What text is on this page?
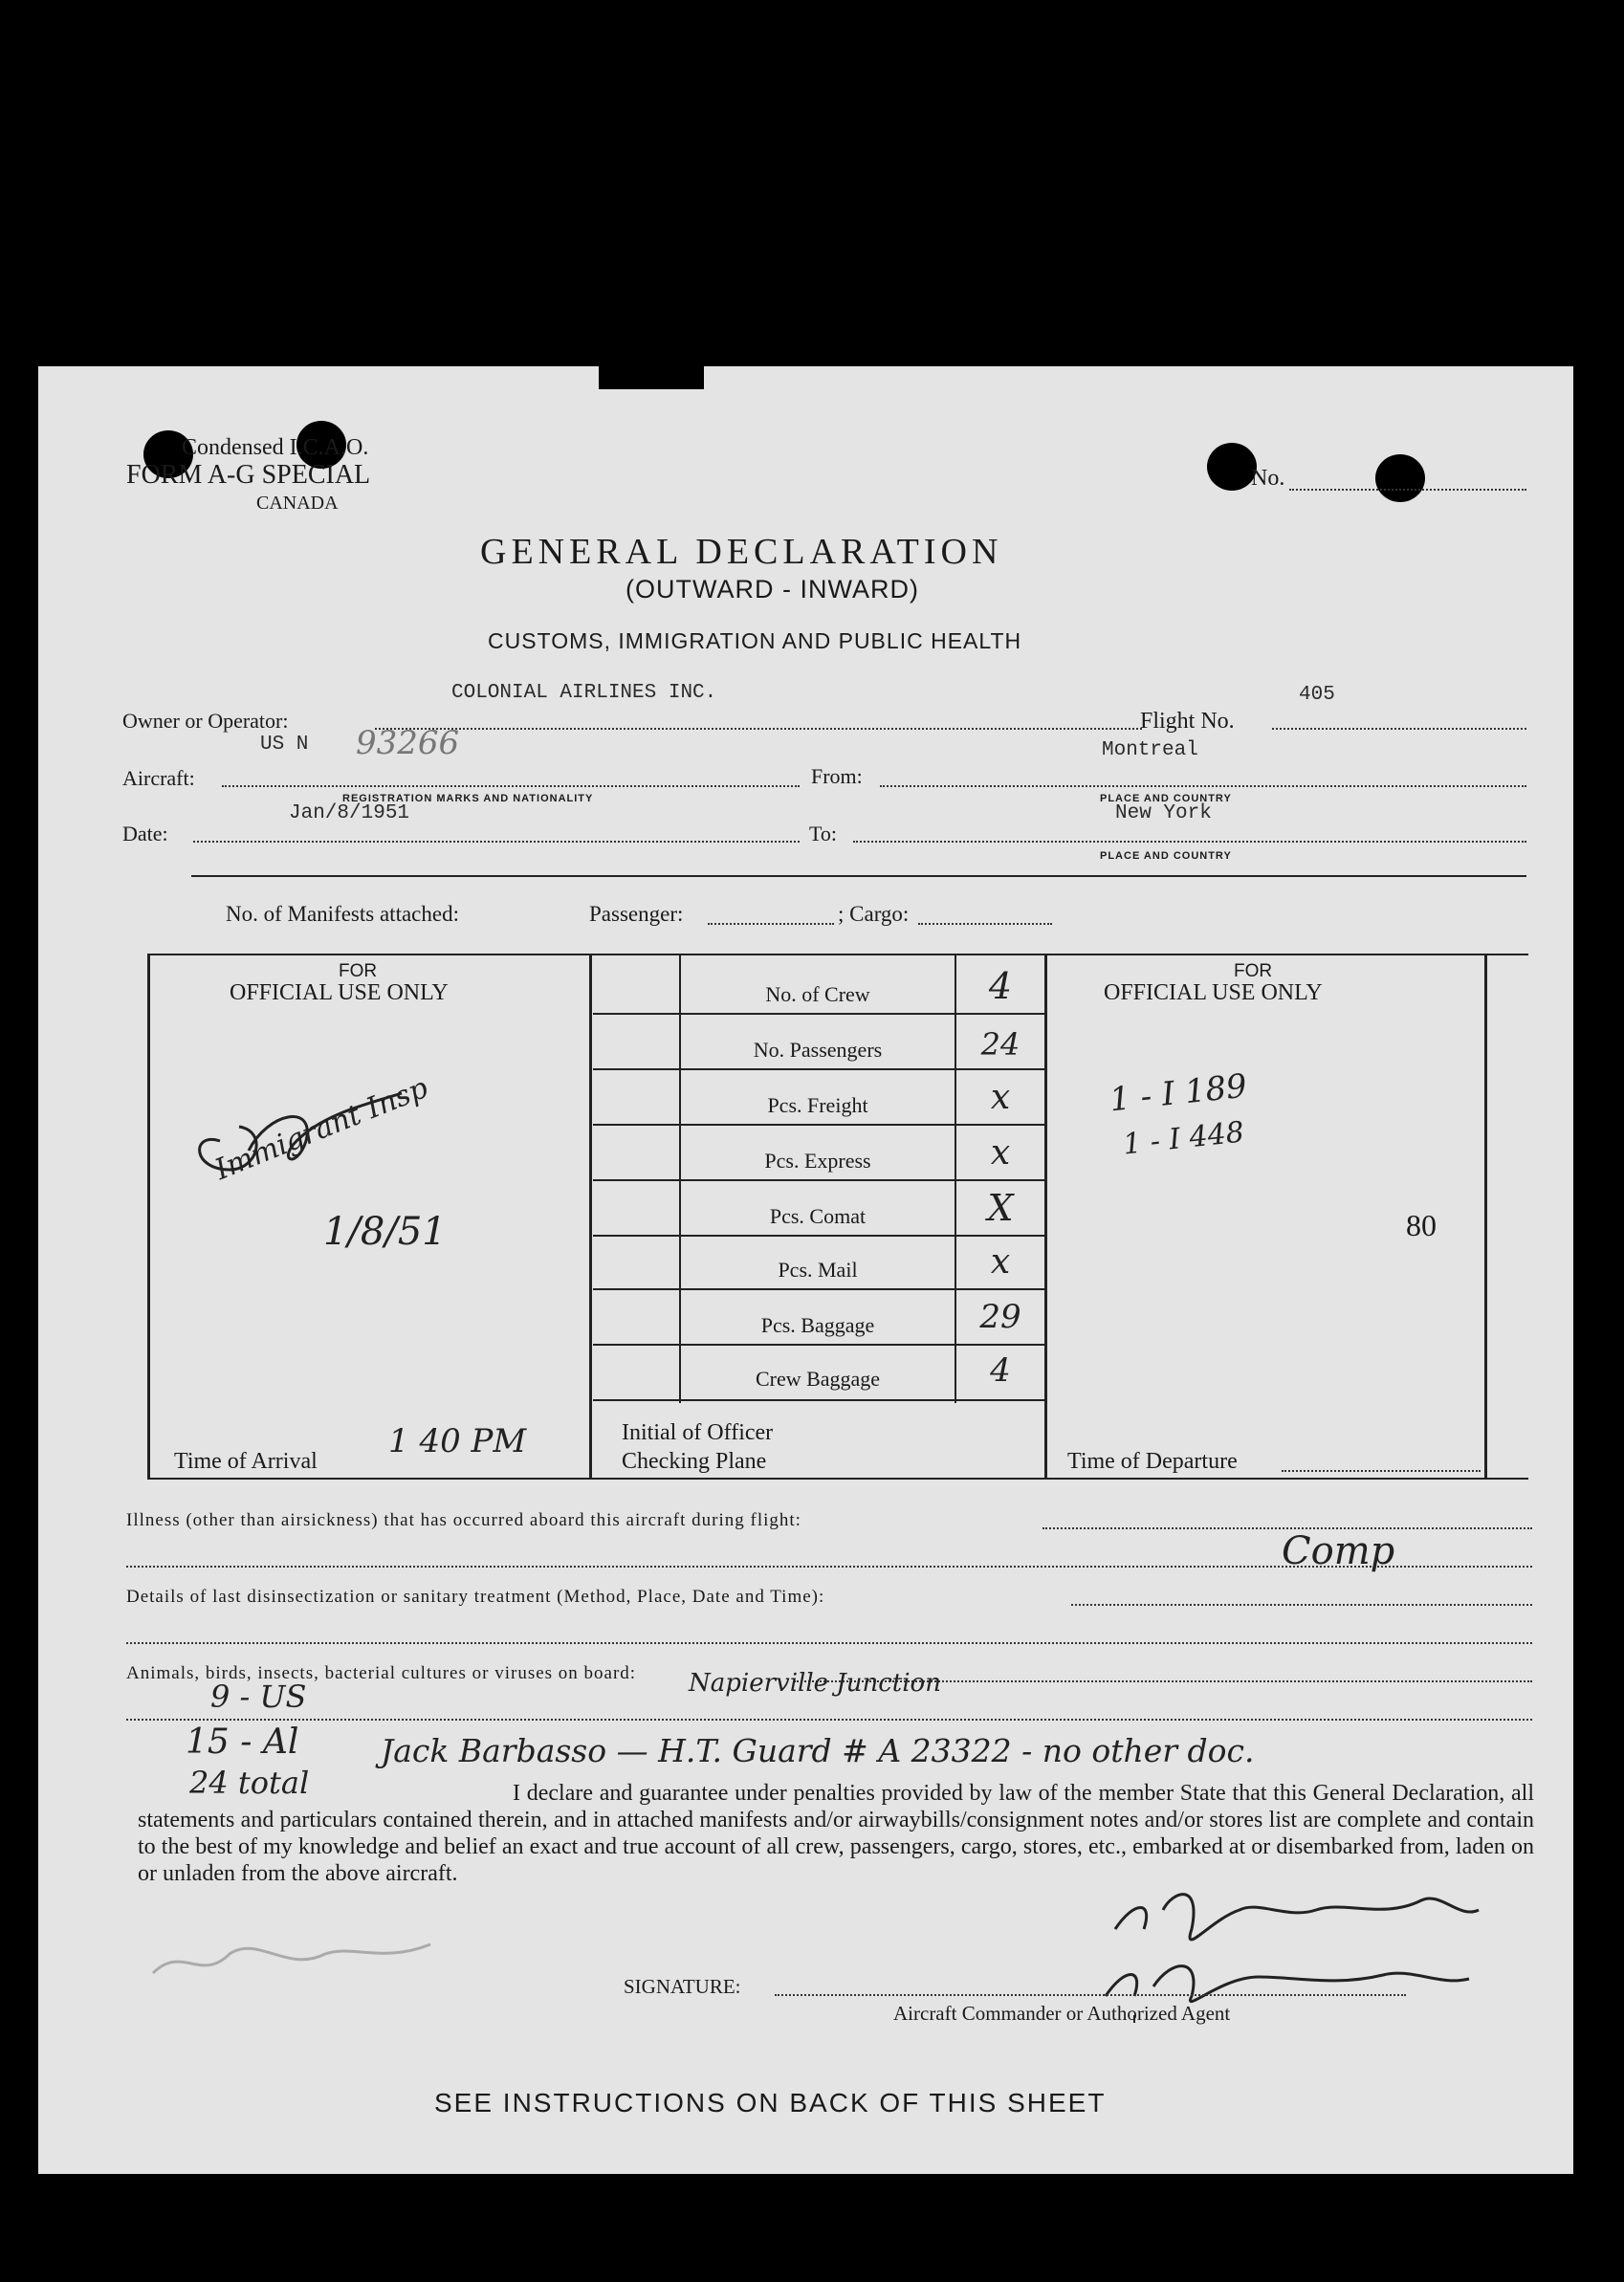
Condensed I.C.A.O.
FORM A-G SPECIAL
CANADA
No.
GENERAL DECLARATION
(OUTWARD - INWARD)
CUSTOMS, IMMIGRATION AND PUBLIC HEALTH
COLONIAL AIRLINES INC.	405
Owner or Operator:	Flight No.
US N 93266	Montreal
Aircraft:	From:
REGISTRATION MARKS AND NATIONALITY	PLACE AND COUNTRY
Jan/8/1951	New York
Date:	To:
PLACE AND COUNTRY
No. of Manifests attached:	Passenger:	; Cargo:
FOR
OFFICIAL USE ONLY
FOR
OFFICIAL USE ONLY
No. of Crew	4
No. Passengers	24
Pcs. Freight	x
Pcs. Express	x
Pcs. Comat	X
Pcs. Mail	x
Pcs. Baggage	29
Crew Baggage	4
Immigrant Insp
1/8/51
Time of Arrival
1 40 PM	Initial of Officer
Checking Plane
1 - I 189
1 - I 448
80
Time of Departure
Illness (other than airsickness) that has occurred aboard this aircraft during flight:
Comp
Details of last disinsectization or sanitary treatment (Method, Place, Date and Time):
Animals, birds, insects, bacterial cultures or viruses on board:
9 - US	Napierville Junction
15 - Al	Jack Barbasso — H.T. Guard # A 23322 - no other doc.
24 total	I declare and guarantee under penalties provided by law of the member State that this General Declaration, all statements and particulars contained therein, and in attached manifests and/or airwaybills/consignment notes and/or stores list are complete and contain to the best of my knowledge and belief an exact and true account of all crew, passengers, cargo, stores, etc., embarked at or disembarked from, laden on or unladen from the above aircraft.
SIGNATURE:
Aircraft Commander or Authorized Agent
SEE INSTRUCTIONS ON BACK OF THIS SHEET
